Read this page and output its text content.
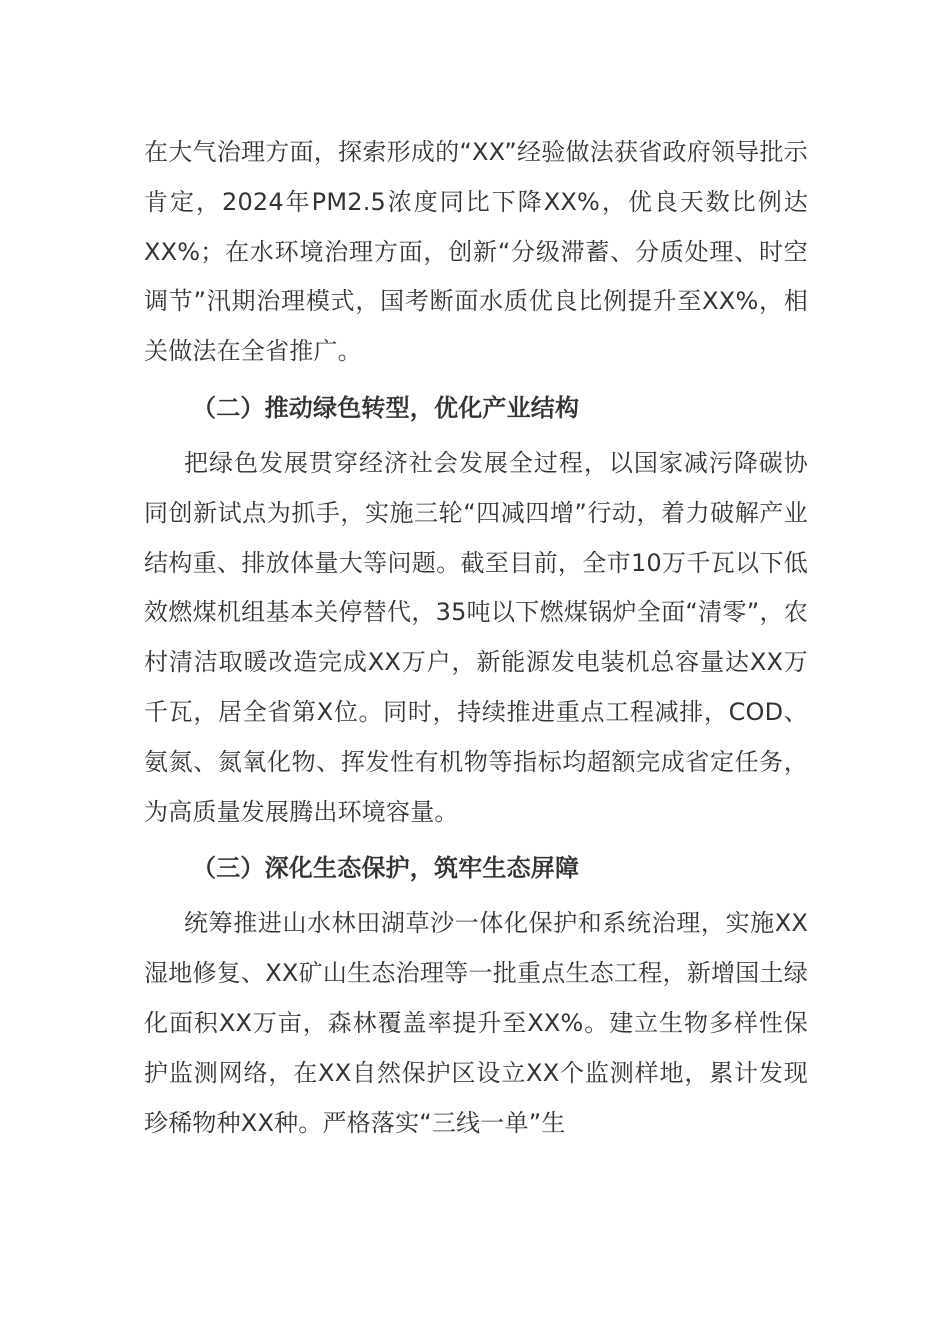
在大气治理方面，探索形成的“XX”经验做法获省政府领导批示肯定，2024年PM2.5浓度同比下降XX%，优良天数比例达XX%；在水环境治理方面，创新“分级滞蓄、分质处理、时空调节”汛期治理模式，国考断面水质优良比例提升至XX%，相关做法在全省推广。

（二）推动绿色转型，优化产业结构

把绿色发展贯穿经济社会发展全过程，以国家减污降碳协同创新试点为抓手，实施三轮“四减四增”行动，着力破解产业结构重、排放体量大等问题。截至目前，全市10万千瓦以下低效燃煤机组基本关停替代，35吨以下燃煤锅炉全面“清零”，农村清洁取暖改造完成XX万户，新能源发电装机总容量达XX万千瓦，居全省第X位。同时，持续推进重点工程减排，COD、氨氮、氮氧化物、挥发性有机物等指标均超额完成省定任务，为高质量发展腾出环境容量。

（三）深化生态保护，筑牢生态屏障

统筹推进山水林田湖草沙一体化保护和系统治理，实施XX湿地修复、XX矿山生态治理等一批重点生态工程，新增国土绿化面积XX万亩，森林覆盖率提升至XX%。建立生物多样性保护监测网络，在XX自然保护区设立XX个监测样地，累计发现珍稀物种XX种。严格落实“三线一单”生
